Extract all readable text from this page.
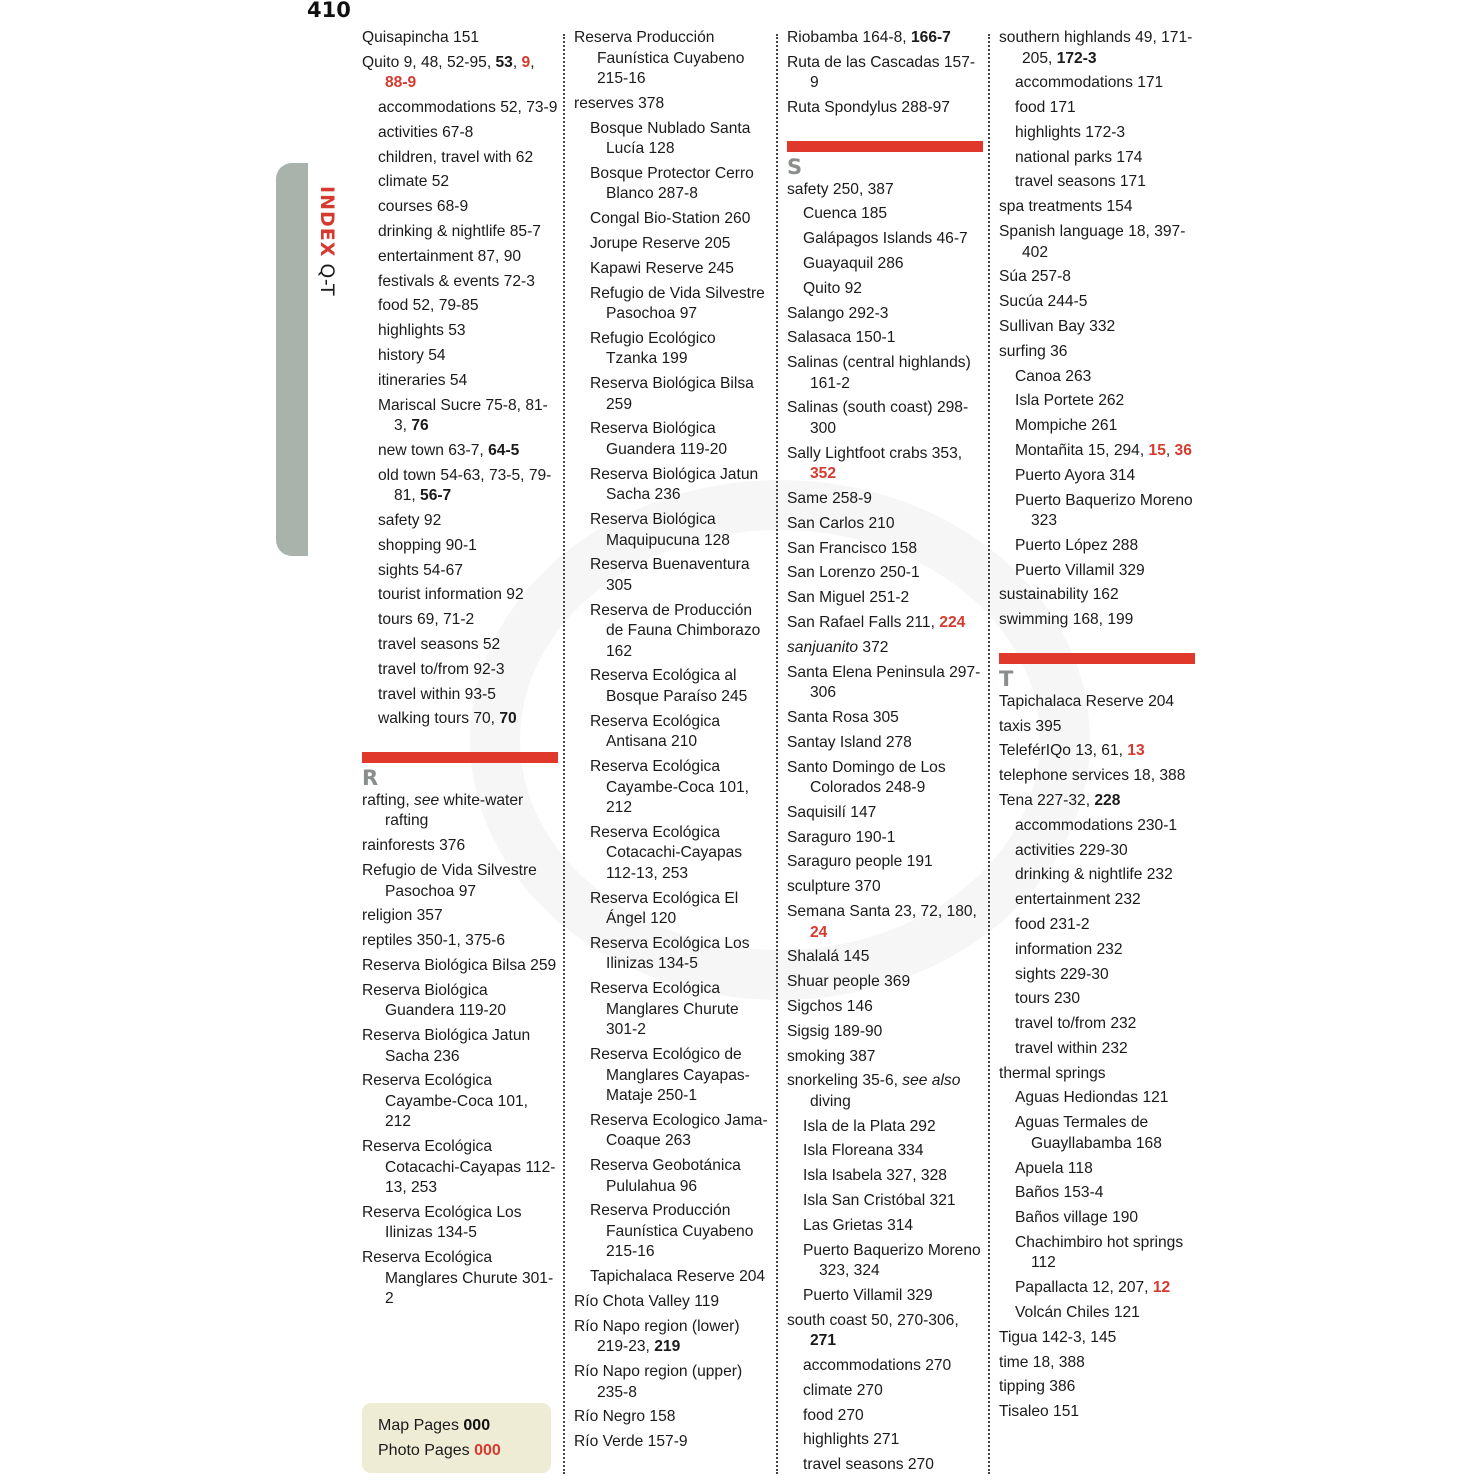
410
INDEXQ-T
Quisapincha 151
Quito 9, 48, 52-95, 53, 9, 88-9
accommodations 52, 73-9
activities 67-8
children, travel with 62
climate 52
courses 68-9
drinking & nightlife 85-7
entertainment 87, 90
festivals & events 72-3
food 52, 79-85
highlights 53
history 54
itineraries 54
Mariscal Sucre 75-8, 81-3, 76
new town 63-7, 64-5
old town 54-63, 73-5, 79-81, 56-7
safety 92
shopping 90-1
sights 54-67
tourist information 92
tours 69, 71-2
travel seasons 52
travel to/from 92-3
travel within 93-5
walking tours 70, 70
R
rafting, see white-water rafting
rainforests 376
Refugio de Vida Silvestre Pasochoa 97
religion 357
reptiles 350-1, 375-6
Reserva Biológica Bilsa 259
Reserva Biológica Guandera 119-20
Reserva Biológica Jatun Sacha 236
Reserva Ecológica Cayambe-Coca 101, 212
Reserva Ecológica Cotacachi-Cayapas 112-13, 253
Reserva Ecológica Los Ilinizas 134-5
Reserva Ecológica Manglares Churute 301-2
Reserva Producción Faunística Cuyabeno 215-16
reserves 378
Bosque Nublado Santa Lucía 128
Bosque Protector Cerro Blanco 287-8
Congal Bio-Station 260
Jorupe Reserve 205
Kapawi Reserve 245
Refugio de Vida Silvestre Pasochoa 97
Refugio Ecológico Tzanka 199
Reserva Biológica Bilsa 259
Reserva Biológica Guandera 119-20
Reserva Biológica Jatun Sacha 236
Reserva Biológica Maquipucuna 128
Reserva Buenaventura 305
Reserva de Producción de Fauna Chimborazo 162
Reserva Ecológica al Bosque Paraíso 245
Reserva Ecológica Antisana 210
Reserva Ecológica Cayambe-Coca 101, 212
Reserva Ecológica Cotacachi-Cayapas 112-13, 253
Reserva Ecológica El Ángel 120
Reserva Ecológica Los Ilinizas 134-5
Reserva Ecológica Manglares Churute 301-2
Reserva Ecológico de Manglares Cayapas-Mataje 250-1
Reserva Ecologico Jama-Coaque 263
Reserva Geobotánica Pululahua 96
Reserva Producción Faunística Cuyabeno 215-16
Tapichalaca Reserve 204
Río Chota Valley 119
Río Napo region (lower) 219-23, 219
Río Napo region (upper) 235-8
Río Negro 158
Río Verde 157-9
Riobamba 164-8, 166-7
Ruta de las Cascadas 157-9
Ruta Spondylus 288-97
S
safety 250, 387
Cuenca 185
Galápagos Islands 46-7
Guayaquil 286
Quito 92
Salango 292-3
Salasaca 150-1
Salinas (central highlands) 161-2
Salinas (south coast) 298-300
Sally Lightfoot crabs 353, 352
Same 258-9
San Carlos 210
San Francisco 158
San Lorenzo 250-1
San Miguel 251-2
San Rafael Falls 211, 224
sanjuanito 372
Santa Elena Peninsula 297-306
Santa Rosa 305
Santay Island 278
Santo Domingo de Los Colorados 248-9
Saquisilí 147
Saraguro 190-1
Saraguro people 191
sculpture 370
Semana Santa 23, 72, 180, 24
Shalalá 145
Shuar people 369
Sigchos 146
Sigsig 189-90
smoking 387
snorkeling 35-6, see also diving
Isla de la Plata 292
Isla Floreana 334
Isla Isabela 327, 328
Isla San Cristóbal 321
Las Grietas 314
Puerto Baquerizo Moreno 323, 324
Puerto Villamil 329
south coast 50, 270-306, 271
accommodations 270
climate 270
food 270
highlights 271
travel seasons 270
southern highlands 49, 171-205, 172-3
accommodations 171
food 171
highlights 172-3
national parks 174
travel seasons 171
spa treatments 154
Spanish language 18, 397-402
Súa 257-8
Sucúa 244-5
Sullivan Bay 332
surfing 36
Canoa 263
Isla Portete 262
Mompiche 261
Montañita 15, 294, 15, 36
Puerto Ayora 314
Puerto Baquerizo Moreno 323
Puerto López 288
Puerto Villamil 329
sustainability 162
swimming 168, 199
T
Tapichalaca Reserve 204
taxis 395
TeleférIQo 13, 61, 13
telephone services 18, 388
Tena 227-32, 228
accommodations 230-1
activities 229-30
drinking & nightlife 232
entertainment 232
food 231-2
information 232
sights 229-30
tours 230
travel to/from 232
travel within 232
thermal springs
Aguas Hediondas 121
Aguas Termales de Guayllabamba 168
Apuela 118
Baños 153-4
Baños village 190
Chachimbiro hot springs 112
Papallacta 12, 207, 12
Volcán Chiles 121
Tigua 142-3, 145
time 18, 388
tipping 386
Tisaleo 151
Map Pages 000
Photo Pages 000
